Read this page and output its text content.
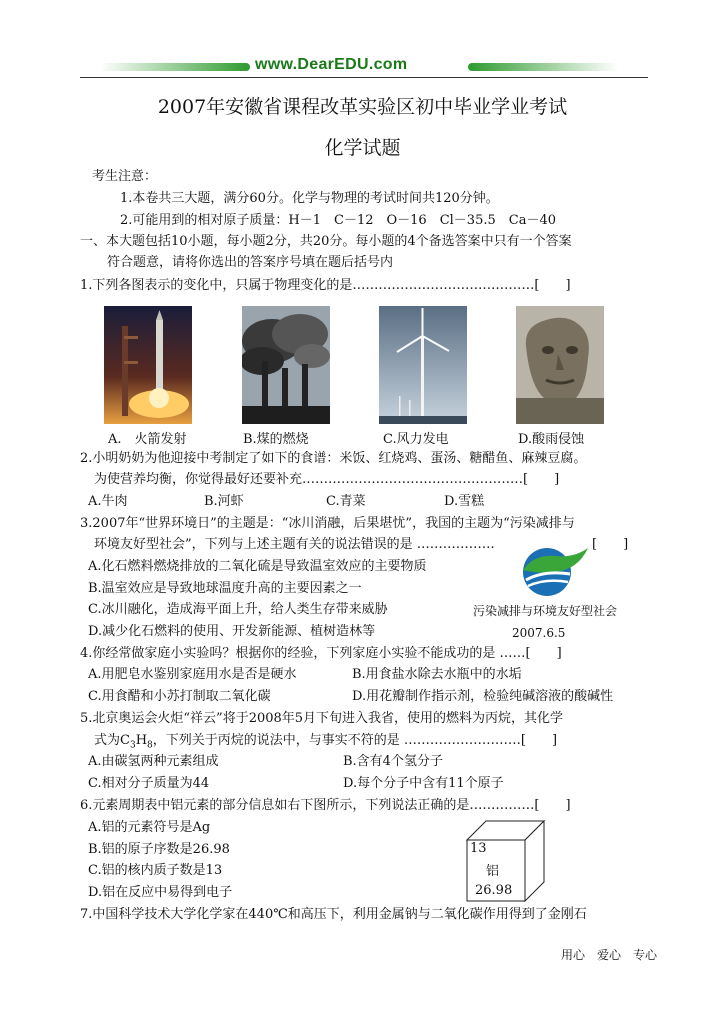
www.DearEDU.com
2007年安徽省课程改革实验区初中毕业学业考试
化学试题
考生注意：
1.本卷共三大题，满分60分。化学与物理的考试时间共120分钟。
2.可能用到的相对原子质量：H－1　C－12　O－16　Cl－35.5　Ca－40
一、本大题包括10小题，每小题2分，共20分。每小题的4个备选答案中只有一个答案
符合题意，请将你选出的答案序号填在题后括号内
1.下列各图表示的变化中，只属于物理变化的是……………………………………[　　]
A.　火箭发射	B.煤的燃烧	C.风力发电	D.酸雨侵蚀
2.小明奶奶为他迎接中考制定了如下的食谱：米饭、红烧鸡、蛋汤、糖醋鱼、麻辣豆腐。
为使营养均衡，你觉得最好还要补充……………………………………………[　　]
A.牛肉	B.河虾	C.青菜	D.雪糕
3.2007年“世界环境日”的主题是：“冰川消融，后果堪忧”，我国的主题为“污染减排与
环境友好型社会”，下列与上述主题有关的说法错误的是 ………………	[　　]
A.化石燃料燃烧排放的二氧化硫是导致温室效应的主要物质
B.温室效应是导致地球温度升高的主要因素之一
C.冰川融化，造成海平面上升，给人类生存带来威胁	污染减排与环境友好型社会
D.减少化石燃料的使用、开发新能源、植树造林等	2007.6.5
4.你经常做家庭小实验吗？根据你的经验，下列家庭小实验不能成功的是 ……[　　]
A.用肥皂水鉴别家庭用水是否是硬水	B.用食盐水除去水瓶中的水垢
C.用食醋和小苏打制取二氧化碳	D.用花瓣制作指示剂，检验纯碱溶液的酸碱性
5.北京奥运会火炬“祥云”将于2008年5月下旬进入我省，使用的燃料为丙烷，其化学
式为$C_3H_8$，下列关于丙烷的说法中，与事实不符的是 ………………………[　　]
A.由碳氢两种元素组成	B.含有4个氢分子
C.相对分子质量为44	D.每个分子中含有11个原子
6.元素周期表中铝元素的部分信息如右下图所示，下列说法正确的是……………[　　]
A.铝的元素符号是Ag
B.铝的原子序数是26.98
C.铝的核内质子数是13
D.铝在反应中易得到电子
13
铝
26.98
7.中国科学技术大学化学家在440℃和高压下，利用金属钠与二氧化碳作用得到了金刚石
用心　爱心　专心
